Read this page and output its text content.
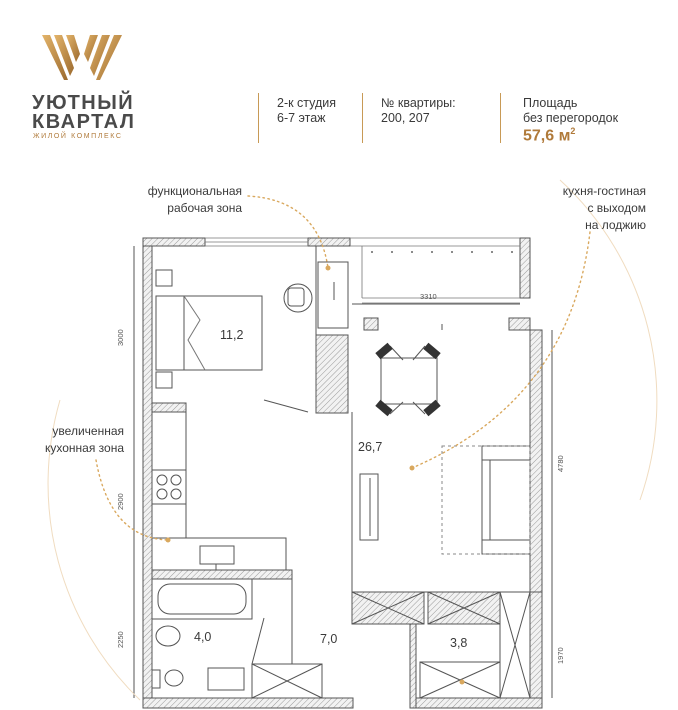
УЮТНЫЙ
КВАРТАЛ
ЖИЛОЙ КОМПЛЕКС
2-к студия
6-7 этаж
№ квартиры:
200, 207
Площадь
без перегородок
57,6 $м^2$
функциональная
рабочая зона
кухня-гостиная
с выходом
на лоджию
увеличенная
кухонная зона
11,2
26,7
4,0	7,0	3,8
3310
3000
2900
2250
4780
1970
